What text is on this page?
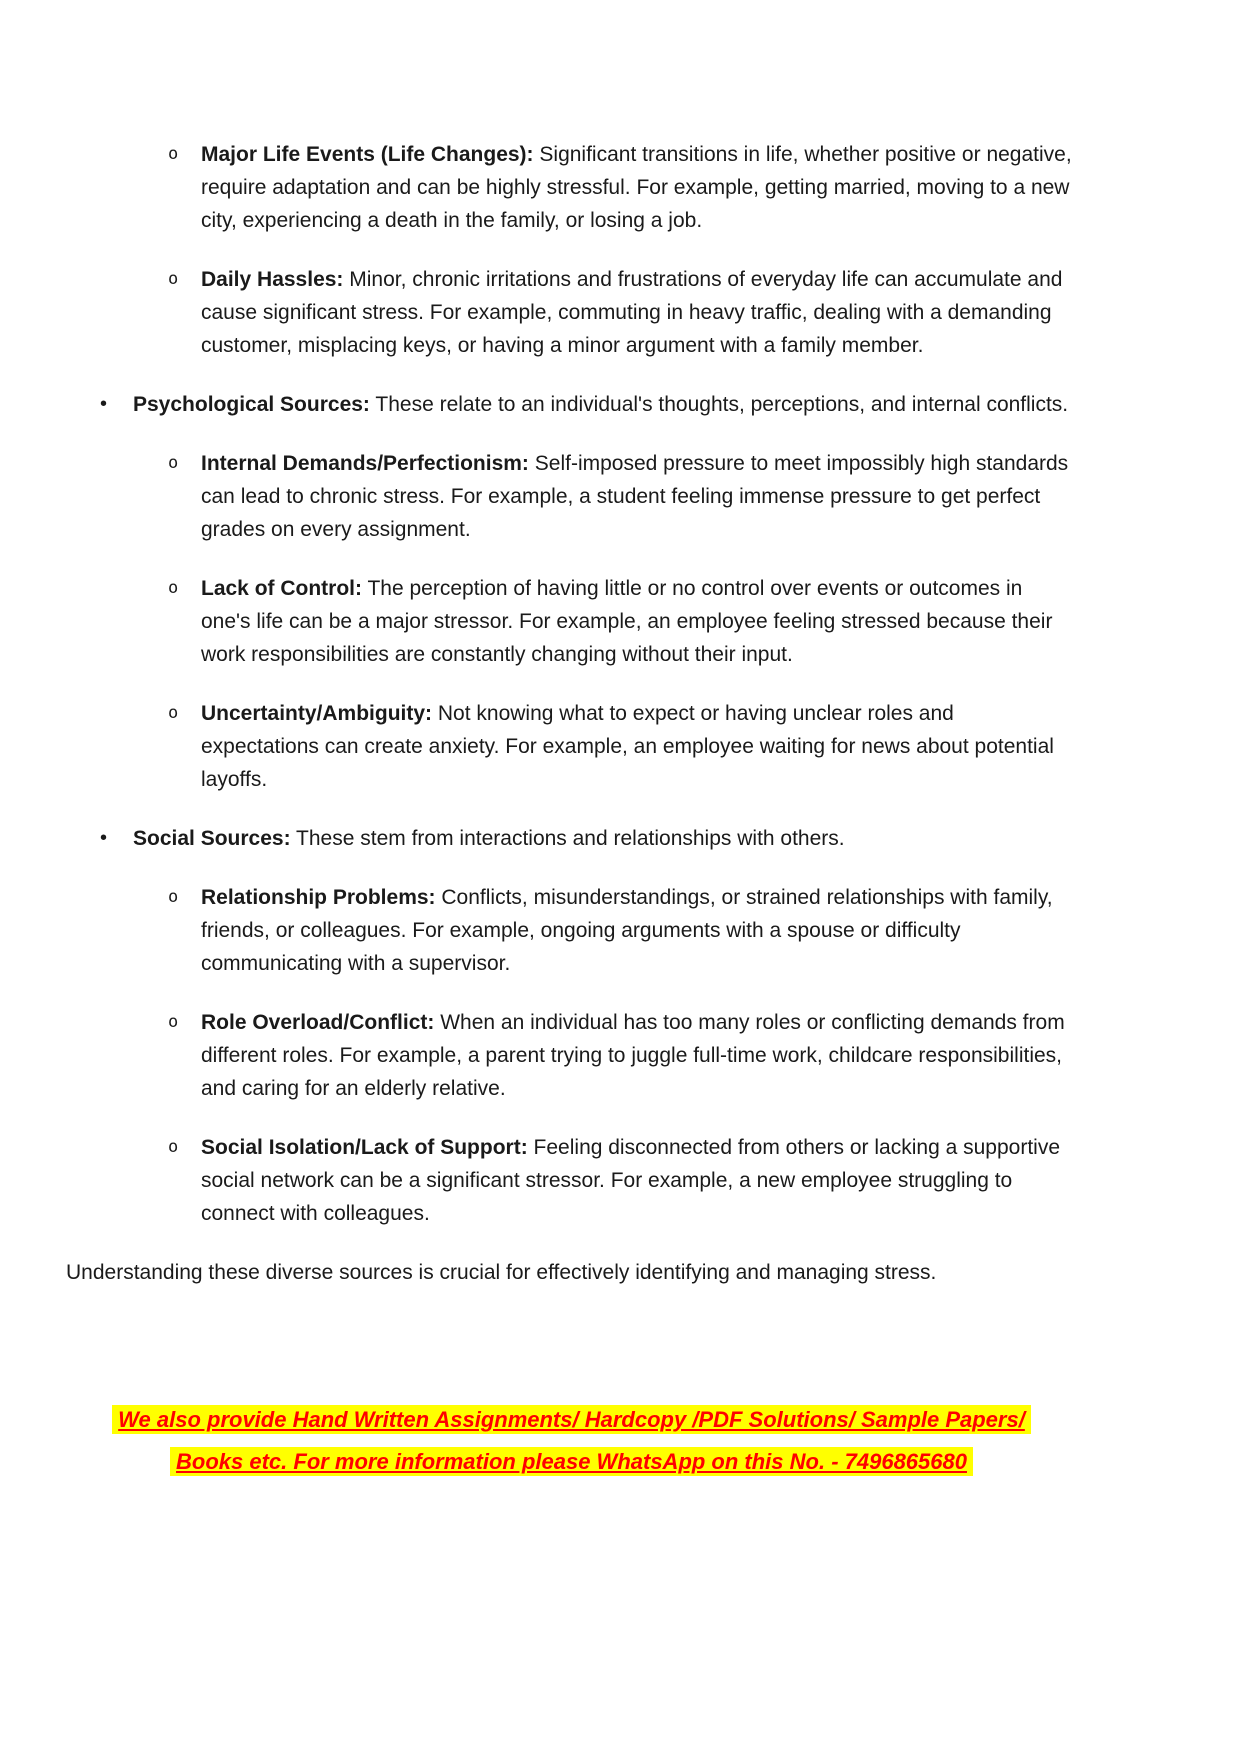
o	Major Life Events (Life Changes): Significant transitions in life, whether positive or negative, require adaptation and can be highly stressful. For example, getting married, moving to a new city, experiencing a death in the family, or losing a job.
o	Daily Hassles: Minor, chronic irritations and frustrations of everyday life can accumulate and cause significant stress. For example, commuting in heavy traffic, dealing with a demanding customer, misplacing keys, or having a minor argument with a family member.
•	Psychological Sources: These relate to an individual's thoughts, perceptions, and internal conflicts.
o	Internal Demands/Perfectionism: Self-imposed pressure to meet impossibly high standards can lead to chronic stress. For example, a student feeling immense pressure to get perfect grades on every assignment.
o	Lack of Control: The perception of having little or no control over events or outcomes in one's life can be a major stressor. For example, an employee feeling stressed because their work responsibilities are constantly changing without their input.
o	Uncertainty/Ambiguity: Not knowing what to expect or having unclear roles and expectations can create anxiety. For example, an employee waiting for news about potential layoffs.
•	Social Sources: These stem from interactions and relationships with others.
o	Relationship Problems: Conflicts, misunderstandings, or strained relationships with family, friends, or colleagues. For example, ongoing arguments with a spouse or difficulty communicating with a supervisor.
o	Role Overload/Conflict: When an individual has too many roles or conflicting demands from different roles. For example, a parent trying to juggle full-time work, childcare responsibilities, and caring for an elderly relative.
o	Social Isolation/Lack of Support: Feeling disconnected from others or lacking a supportive social network can be a significant stressor. For example, a new employee struggling to connect with colleagues.

Understanding these diverse sources is crucial for effectively identifying and managing stress.

We also provide Hand Written Assignments/ Hardcopy /PDF Solutions/ Sample Papers/
Books etc. For more information please WhatsApp on this No. - 7496865680
